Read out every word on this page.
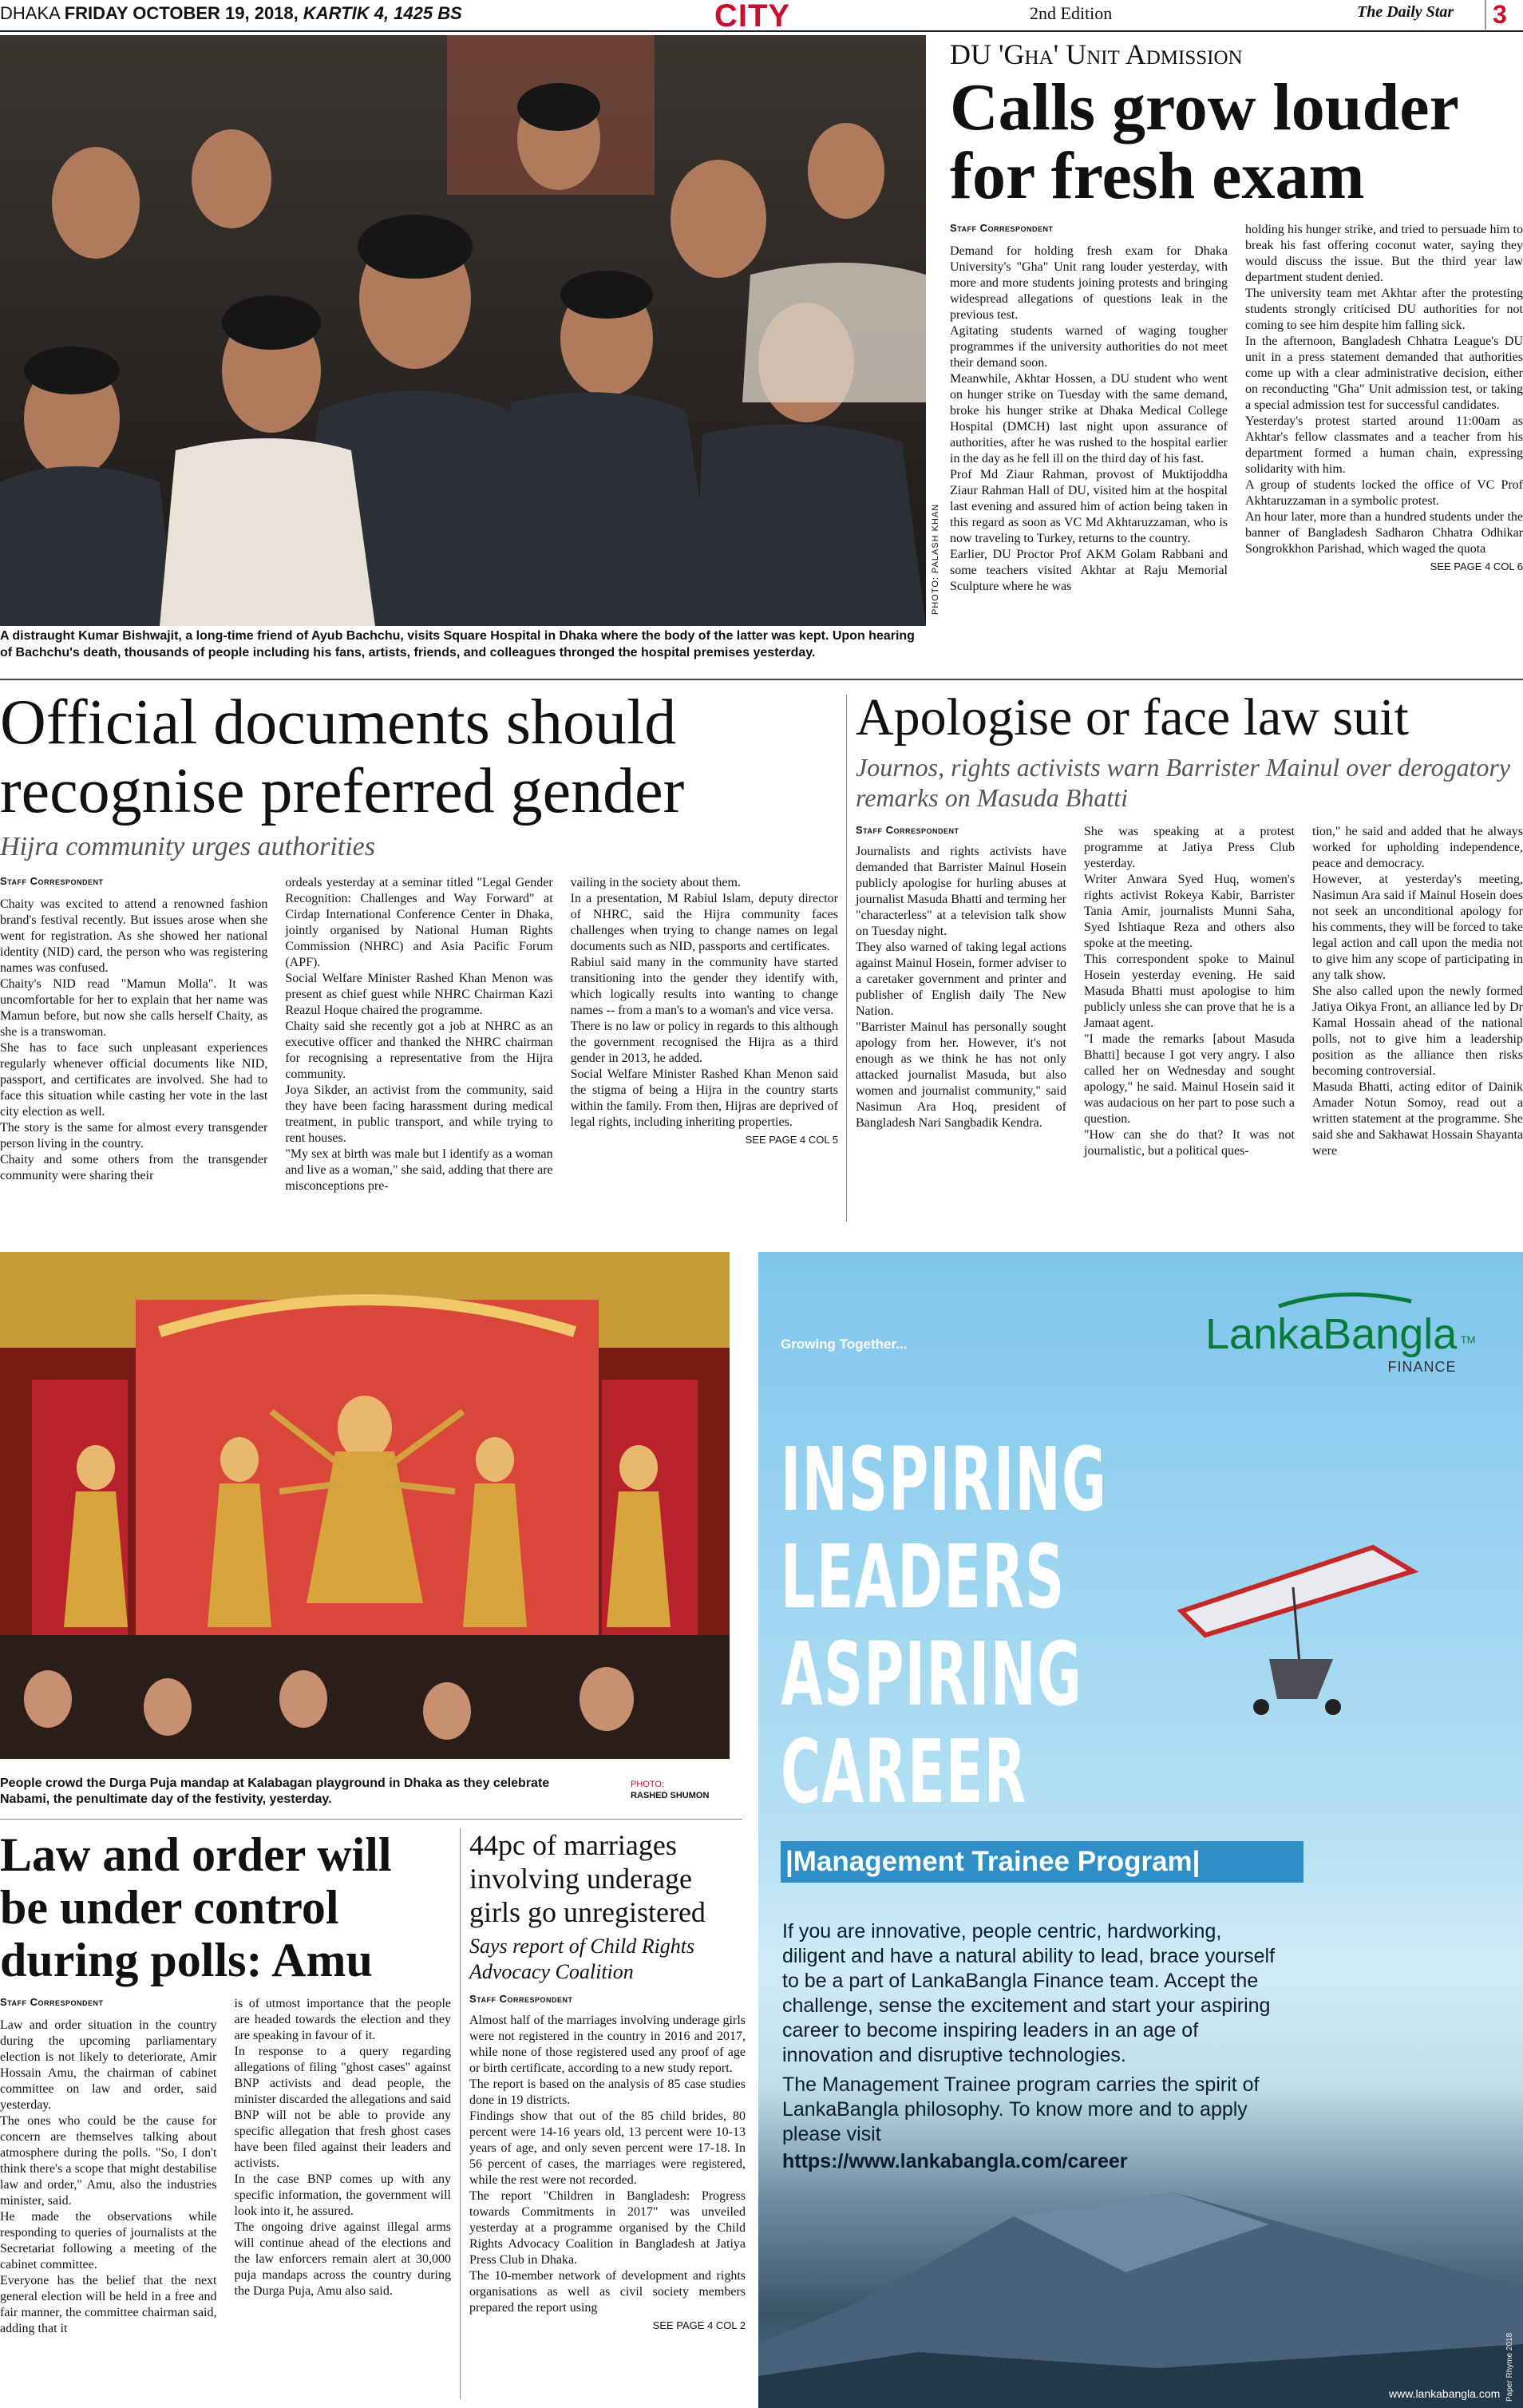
DHAKA FRIDAY OCTOBER 19, 2018, KARTIK 4, 1425 BS	CITY	2nd Edition	The Daily Star	3
PHOTO: PALASH KHAN
A distraught Kumar Bishwajit, a long-time friend of Ayub Bachchu, visits Square Hospital in Dhaka where the body of the latter was kept. Upon hearing of Bachchu's death, thousands of people including his fans, artists, friends, and colleagues thronged the hospital premises yesterday.
DU 'Gha' Unit Admission
Calls grow louder for fresh exam
Staff Correspondent
Demand for holding fresh exam for Dhaka University's "Gha" Unit rang louder yesterday, with more and more students joining protests and bringing widespread allegations of questions leak in the previous test.
Agitating students warned of waging tougher programmes if the university authorities do not meet their demand soon.
Meanwhile, Akhtar Hossen, a DU student who went on hunger strike on Tuesday with the same demand, broke his hunger strike at Dhaka Medical College Hospital (DMCH) last night upon assurance of authorities, after he was rushed to the hospital earlier in the day as he fell ill on the third day of his fast.
Prof Md Ziaur Rahman, provost of Muktijoddha Ziaur Rahman Hall of DU, visited him at the hospital last evening and assured him of action being taken in this regard as soon as VC Md Akhtaruzzaman, who is now traveling to Turkey, returns to the country.
Earlier, DU Proctor Prof AKM Golam Rabbani and some teachers visited Akhtar at Raju Memorial Sculpture where he was
holding his hunger strike, and tried to persuade him to break his fast offering coconut water, saying they would discuss the issue. But the third year law department student denied.
The university team met Akhtar after the protesting students strongly criticised DU authorities for not coming to see him despite him falling sick.
In the afternoon, Bangladesh Chhatra League's DU unit in a press statement demanded that authorities come up with a clear administrative decision, either on reconducting "Gha" Unit admission test, or taking a special admission test for successful candidates.
Yesterday's protest started around 11:00am as Akhtar's fellow classmates and a teacher from his department formed a human chain, expressing solidarity with him.
A group of students locked the office of VC Prof Akhtaruzzaman in a symbolic protest.
An hour later, more than a hundred students under the banner of Bangladesh Sadharon Chhatra Odhikar Songrokkhon Parishad, which waged the quota
SEE PAGE 4 COL 6
Official documents should recognise preferred gender
Hijra community urges authorities
Staff Correspondent
Chaity was excited to attend a renowned fashion brand's festival recently. But issues arose when she went for registration. As she showed her national identity (NID) card, the person who was registering names was confused.
Chaity's NID read "Mamun Molla". It was uncomfortable for her to explain that her name was Mamun before, but now she calls herself Chaity, as she is a transwoman.
She has to face such unpleasant experiences regularly whenever official documents like NID, passport, and certificates are involved. She had to face this situation while casting her vote in the last city election as well.
The story is the same for almost every transgender person living in the country.
Chaity and some others from the transgender community were sharing their
ordeals yesterday at a seminar titled "Legal Gender Recognition: Challenges and Way Forward" at Cirdap International Conference Center in Dhaka, jointly organised by National Human Rights Commission (NHRC) and Asia Pacific Forum (APF).
Social Welfare Minister Rashed Khan Menon was present as chief guest while NHRC Chairman Kazi Reazul Hoque chaired the programme.
Chaity said she recently got a job at NHRC as an executive officer and thanked the NHRC chairman for recognising a representative from the Hijra community.
Joya Sikder, an activist from the community, said they have been facing harassment during medical treatment, in public transport, and while trying to rent houses.
"My sex at birth was male but I identify as a woman and live as a woman," she said, adding that there are misconceptions pre-
vailing in the society about them.
In a presentation, M Rabiul Islam, deputy director of NHRC, said the Hijra community faces challenges when trying to change names on legal documents such as NID, passports and certificates.
Rabiul said many in the community have started transitioning into the gender they identify with, which logically results into wanting to change names -- from a man's to a woman's and vice versa.
There is no law or policy in regards to this although the government recognised the Hijra as a third gender in 2013, he added.
Social Welfare Minister Rashed Khan Menon said the stigma of being a Hijra in the country starts within the family. From then, Hijras are deprived of legal rights, including inheriting properties.
SEE PAGE 4 COL 5
Apologise or face law suit
Journos, rights activists warn Barrister Mainul over derogatory remarks on Masuda Bhatti
Staff Correspondent
Journalists and rights activists have demanded that Barrister Mainul Hosein publicly apologise for hurling abuses at journalist Masuda Bhatti and terming her "characterless" at a television talk show on Tuesday night.
They also warned of taking legal actions against Mainul Hosein, former adviser to a caretaker government and printer and publisher of English daily The New Nation.
"Barrister Mainul has personally sought apology from her. However, it's not enough as we think he has not only attacked journalist Masuda, but also women and journalist community," said Nasimun Ara Hoq, president of Bangladesh Nari Sangbadik Kendra.
She was speaking at a protest programme at Jatiya Press Club yesterday.
Writer Anwara Syed Huq, women's rights activist Rokeya Kabir, Barrister Tania Amir, journalists Munni Saha, Syed Ishtiaque Reza and others also spoke at the meeting.
This correspondent spoke to Mainul Hosein yesterday evening. He said Masuda Bhatti must apologise to him publicly unless she can prove that he is a Jamaat agent.
"I made the remarks [about Masuda Bhatti] because I got very angry. I also called her on Wednesday and sought apology," he said. Mainul Hosein said it was audacious on her part to pose such a question.
"How can she do that? It was not journalistic, but a political ques-
tion," he said and added that he always worked for upholding independence, peace and democracy.
However, at yesterday's meeting, Nasimun Ara said if Mainul Hosein does not seek an unconditional apology for his comments, they will be forced to take legal action and call upon the media not to give him any scope of participating in any talk show.
She also called upon the newly formed Jatiya Oikya Front, an alliance led by Dr Kamal Hossain ahead of the national polls, not to give him a leadership position as the alliance then risks becoming controversial.
Masuda Bhatti, acting editor of Dainik Amader Notun Somoy, read out a written statement at the programme. She said she and Sakhawat Hossain Shayanta were
People crowd the Durga Puja mandap at Kalabagan playground in Dhaka as they celebrate Nabami, the penultimate day of the festivity, yesterday.
PHOTO:
RASHED SHUMON
Law and order will be under control during polls: Amu
Staff Correspondent
Law and order situation in the country during the upcoming parliamentary election is not likely to deteriorate, Amir Hossain Amu, the chairman of cabinet committee on law and order, said yesterday.
The ones who could be the cause for concern are themselves talking about atmosphere during the polls. "So, I don't think there's a scope that might destabilise law and order," Amu, also the industries minister, said.
He made the observations while responding to queries of journalists at the Secretariat following a meeting of the cabinet committee.
Everyone has the belief that the next general election will be held in a free and fair manner, the committee chairman said, adding that it
is of utmost importance that the people are headed towards the election and they are speaking in favour of it.
In response to a query regarding allegations of filing "ghost cases" against BNP activists and dead people, the minister discarded the allegations and said BNP will not be able to provide any specific allegation that fresh ghost cases have been filed against their leaders and activists.
In the case BNP comes up with any specific information, the government will look into it, he assured.
The ongoing drive against illegal arms will continue ahead of the elections and the law enforcers remain alert at 30,000 puja mandaps across the country during the Durga Puja, Amu also said.
44pc of marriages involving underage girls go unregistered
Says report of Child Rights Advocacy Coalition
Staff Correspondent
Almost half of the marriages involving underage girls were not registered in the country in 2016 and 2017, while none of those registered used any proof of age or birth certificate, according to a new study report.
The report is based on the analysis of 85 case studies done in 19 districts.
Findings show that out of the 85 child brides, 80 percent were 14-16 years old, 13 percent were 10-13 years of age, and only seven percent were 17-18. In 56 percent of cases, the marriages were registered, while the rest were not recorded.
The report "Children in Bangladesh: Progress towards Commitments in 2017" was unveiled yesterday at a programme organised by the Child Rights Advocacy Coalition in Bangladesh at Jatiya Press Club in Dhaka.
The 10-member network of development and rights organisations as well as civil society members prepared the report using
SEE PAGE 4 COL 2
Growing Together...	LankaBangla ™
FINANCE
INSPIRING
LEADERS
ASPIRING
CAREER
|Management Trainee Program|
If you are innovative, people centric, hardworking, diligent and have a natural ability to lead, brace yourself to be a part of LankaBangla Finance team. Accept the challenge, sense the excitement and start your aspiring career to become inspiring leaders in an age of innovation and disruptive technologies.
The Management Trainee program carries the spirit of LankaBangla philosophy. To know more and to apply please visit
https://www.lankabangla.com/career
www.lankabangla.com Paper Rhyme 2018
